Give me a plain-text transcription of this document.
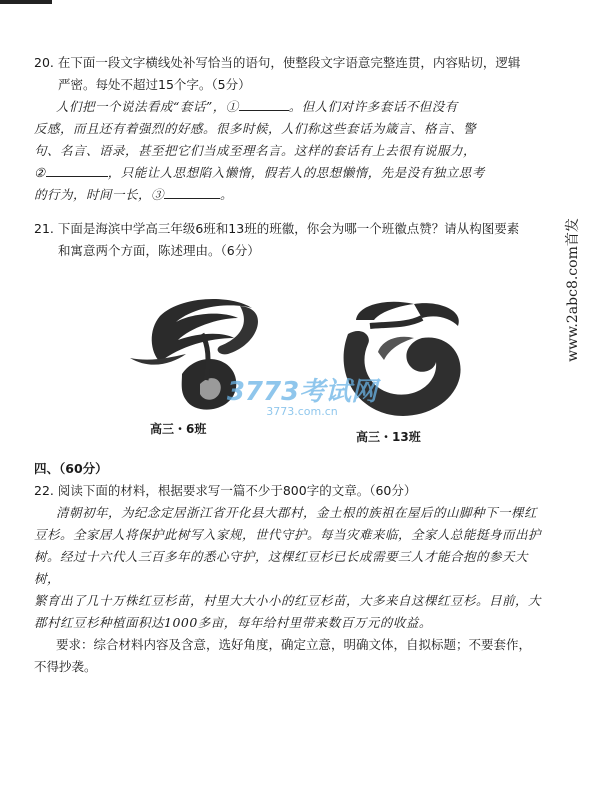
www.2abc8.com首发
20. 在下面一段文字横线处补写恰当的语句，使整段文字语意完整连贯，内容贴切，逻辑
严密。每处不超过15个字。（5分）
人们把一个说法看成“套话”，①	。但人们对许多套话不但没有
反感，而且还有着强烈的好感。很多时候，人们称这些套话为箴言、格言、警
句、名言、语录，甚至把它们当成至理名言。这样的套话有上去很有说服力，
②	，只能让人思想陷入懒惰，假若人的思想懒惰，先是没有独立思考
的行为，时间一长，③	。
21. 下面是海滨中学高三年级6班和13班的班徽，你会为哪一个班徽点赞？请从构图要素
和寓意两个方面，陈述理由。（6分）
四、（60分）
22. 阅读下面的材料，根据要求写一篇不少于800字的文章。（60分）
清朝初年，为纪念定居浙江省开化县大郡村，金土根的族祖在屋后的山脚种下一棵红
豆杉。全家居人将保护此树写入家规，世代守护。每当灾难来临，全家人总能挺身而出护
树。经过十六代人三百多年的悉心守护，这棵红豆杉已长成需要三人才能合抱的参天大树，
繁育出了几十万株红豆杉苗，村里大大小小的红豆杉苗，大多来自这棵红豆杉。目前，大
郡村红豆杉种植面积达1000多亩，每年给村里带来数百万元的收益。
要求：综合材料内容及含意，选好角度，确定立意，明确文体，自拟标题；不要套作，
不得抄袭。
高三・6班
高三・13班
3773考试网
3773.com.cn
